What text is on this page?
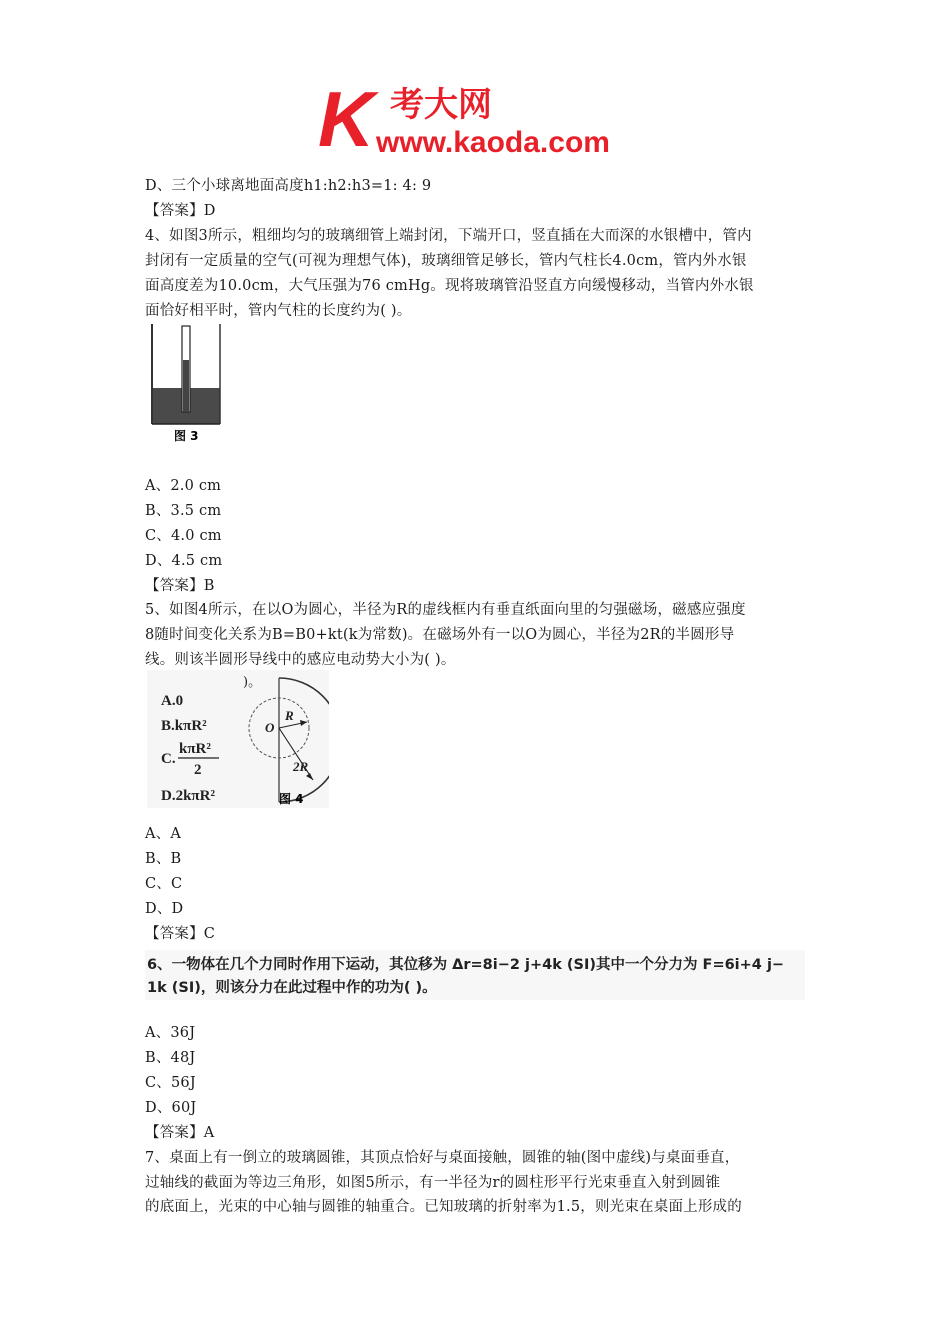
K 考大网
www.kaoda.com
D、三个小球离地面高度h1:h2:h3=1: 4: 9
【答案】D
4、如图3所示，粗细均匀的玻璃细管上端封闭，下端开口，竖直插在大而深的水银槽中，管内
封闭有一定质量的空气(可视为理想气体)，玻璃细管足够长，管内气柱长4.0cm，管内外水银
面高度差为10.0cm，大气压强为76 cmHg。现将玻璃管沿竖直方向缓慢移动，当管内外水银
面恰好相平时，管内气柱的长度约为( )。
图 3
A、2.0 cm
B、3.5 cm
C、4.0 cm
D、4.5 cm
【答案】B
5、如图4所示，在以O为圆心，半径为R的虚线框内有垂直纸面向里的匀强磁场，磁感应强度
8随时间变化关系为B=B0+kt(k为常数)。在磁场外有一以O为圆心，半径为2R的半圆形导
线。则该半圆形导线中的感应电动势大小为( )。
)。
A.0
B.kπR²
C.
kπR²
2
D.2kπR²
O
R
2R
图 4
A、A
B、B
C、C
D、D
【答案】C
6、一物体在几个力同时作用下运动，其位移为 Δr=8i−2 j+4k (SI)其中一个分力为 F=6i+4 j−
1k (SI)，则该分力在此过程中作的功为( )。
A、36J
B、48J
C、56J
D、60J
【答案】A
7、桌面上有一倒立的玻璃圆锥，其顶点恰好与桌面接触，圆锥的轴(图中虚线)与桌面垂直，
过轴线的截面为等边三角形，如图5所示，有一半径为r的圆柱形平行光束垂直入射到圆锥
的底面上，光束的中心轴与圆锥的轴重合。已知玻璃的折射率为1.5，则光束在桌面上形成的
